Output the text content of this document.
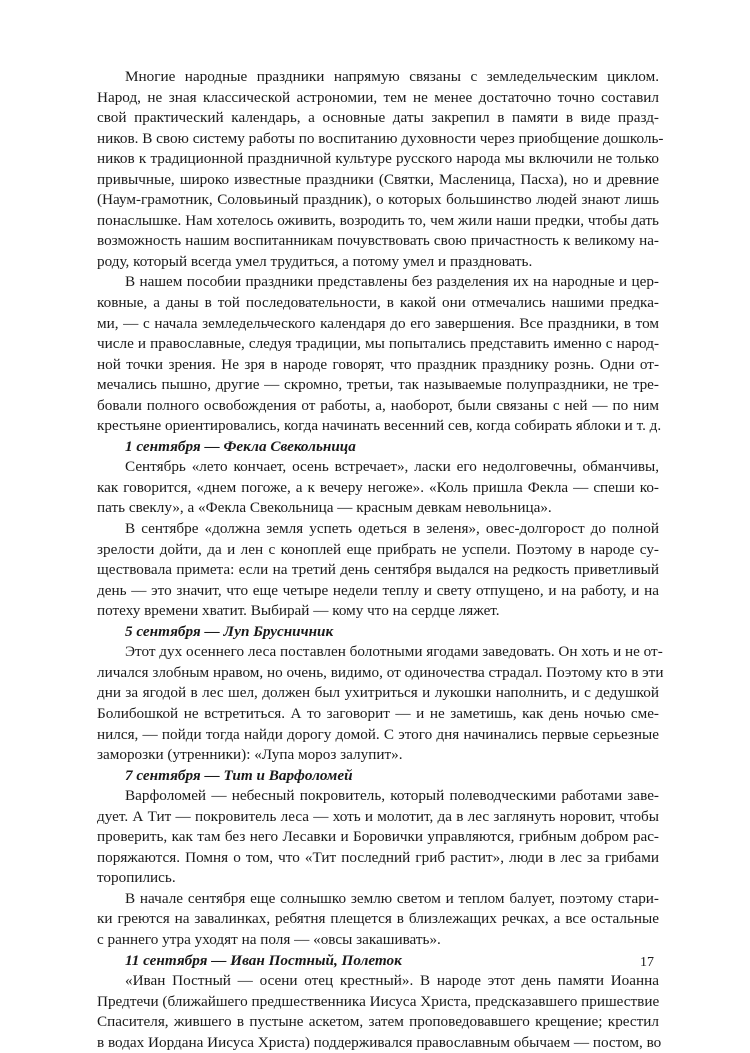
Многие народные праздники напрямую связаны с земледельческим циклом.
Народ, не зная классической астрономии, тем не менее достаточно точно составил
свой практический календарь, а основные даты закрепил в памяти в виде празд-
ников. В свою систему работы по воспитанию духовности через приобщение дошколь-
ников к традиционной праздничной культуре русского народа мы включили не только
привычные, широко известные праздники (Святки, Масленица, Пасха), но и древние
(Наум-грамотник, Соловьиный праздник), о которых большинство людей знают лишь
понаслышке. Нам хотелось оживить, возродить то, чем жили наши предки, чтобы дать
возможность нашим воспитанникам почувствовать свою причастность к великому на-
роду, который всегда умел трудиться, а потому умел и праздновать.
В нашем пособии праздники представлены без разделения их на народные и цер-
ковные, а даны в той последовательности, в какой они отмечались нашими предка-
ми, — с начала земледельческого календаря до его завершения. Все праздники, в том
числе и православные, следуя традиции, мы попытались представить именно с народ-
ной точки зрения. Не зря в народе говорят, что праздник празднику рознь. Одни от-
мечались пышно, другие — скромно, третьи, так называемые полупраздники, не тре-
бовали полного освобождения от работы, а, наоборот, были связаны с ней — по ним
крестьяне ориентировались, когда начинать весенний сев, когда собирать яблоки и т. д.
1 сентября — Фекла Свекольница
Сентябрь «лето кончает, осень встречает», ласки его недолговечны, обманчивы,
как говорится, «днем погоже, а к вечеру негоже». «Коль пришла Фекла — спеши ко-
пать свеклу», а «Фекла Свекольница — красным девкам невольница».
В сентябре «должна земля успеть одеться в зеленя», овес-долгорост до полной
зрелости дойти, да и лен с коноплей еще прибрать не успели. Поэтому в народе су-
ществовала примета: если на третий день сентября выдался на редкость приветливый
день — это значит, что еще четыре недели теплу и свету отпущено, и на работу, и на
потеху времени хватит. Выбирай — кому что на сердце ляжет.
5 сентября — Луп Брусничник
Этот дух осеннего леса поставлен болотными ягодами заведовать. Он хоть и не от-
личался злобным нравом, но очень, видимо, от одиночества страдал. Поэтому кто в эти
дни за ягодой в лес шел, должен был ухитриться и лукошки наполнить, и с дедушкой
Болибошкой не встретиться. А то заговорит — и не заметишь, как день ночью сме-
нился, — пойди тогда найди дорогу домой. С этого дня начинались первые серьезные
заморозки (утренники): «Лупа мороз залупит».
7 сентября — Тит и Варфоломей
Варфоломей — небесный покровитель, который полеводческими работами заве-
дует. А Тит — покровитель леса — хоть и молотит, да в лес заглянуть норовит, чтобы
проверить, как там без него Лесавки и Боровички управляются, грибным добром рас-
поряжаются. Помня о том, что «Тит последний гриб растит», люди в лес за грибами
торопились.
В начале сентября еще солнышко землю светом и теплом балует, поэтому стари-
ки греются на завалинках, ребятня плещется в близлежащих речках, а все остальные
с раннего утра уходят на поля — «овсы закашивать».
11 сентября — Иван Постный, Полеток
«Иван Постный — осени отец крестный». В народе этот день памяти Иоанна
Предтечи (ближайшего предшественника Иисуса Христа, предсказавшего пришествие
Спасителя, жившего в пустыне аскетом, затем проповедовавшего крещение; крестил
в водах Иордана Иисуса Христа) поддерживался православным обычаем — постом, во
17
